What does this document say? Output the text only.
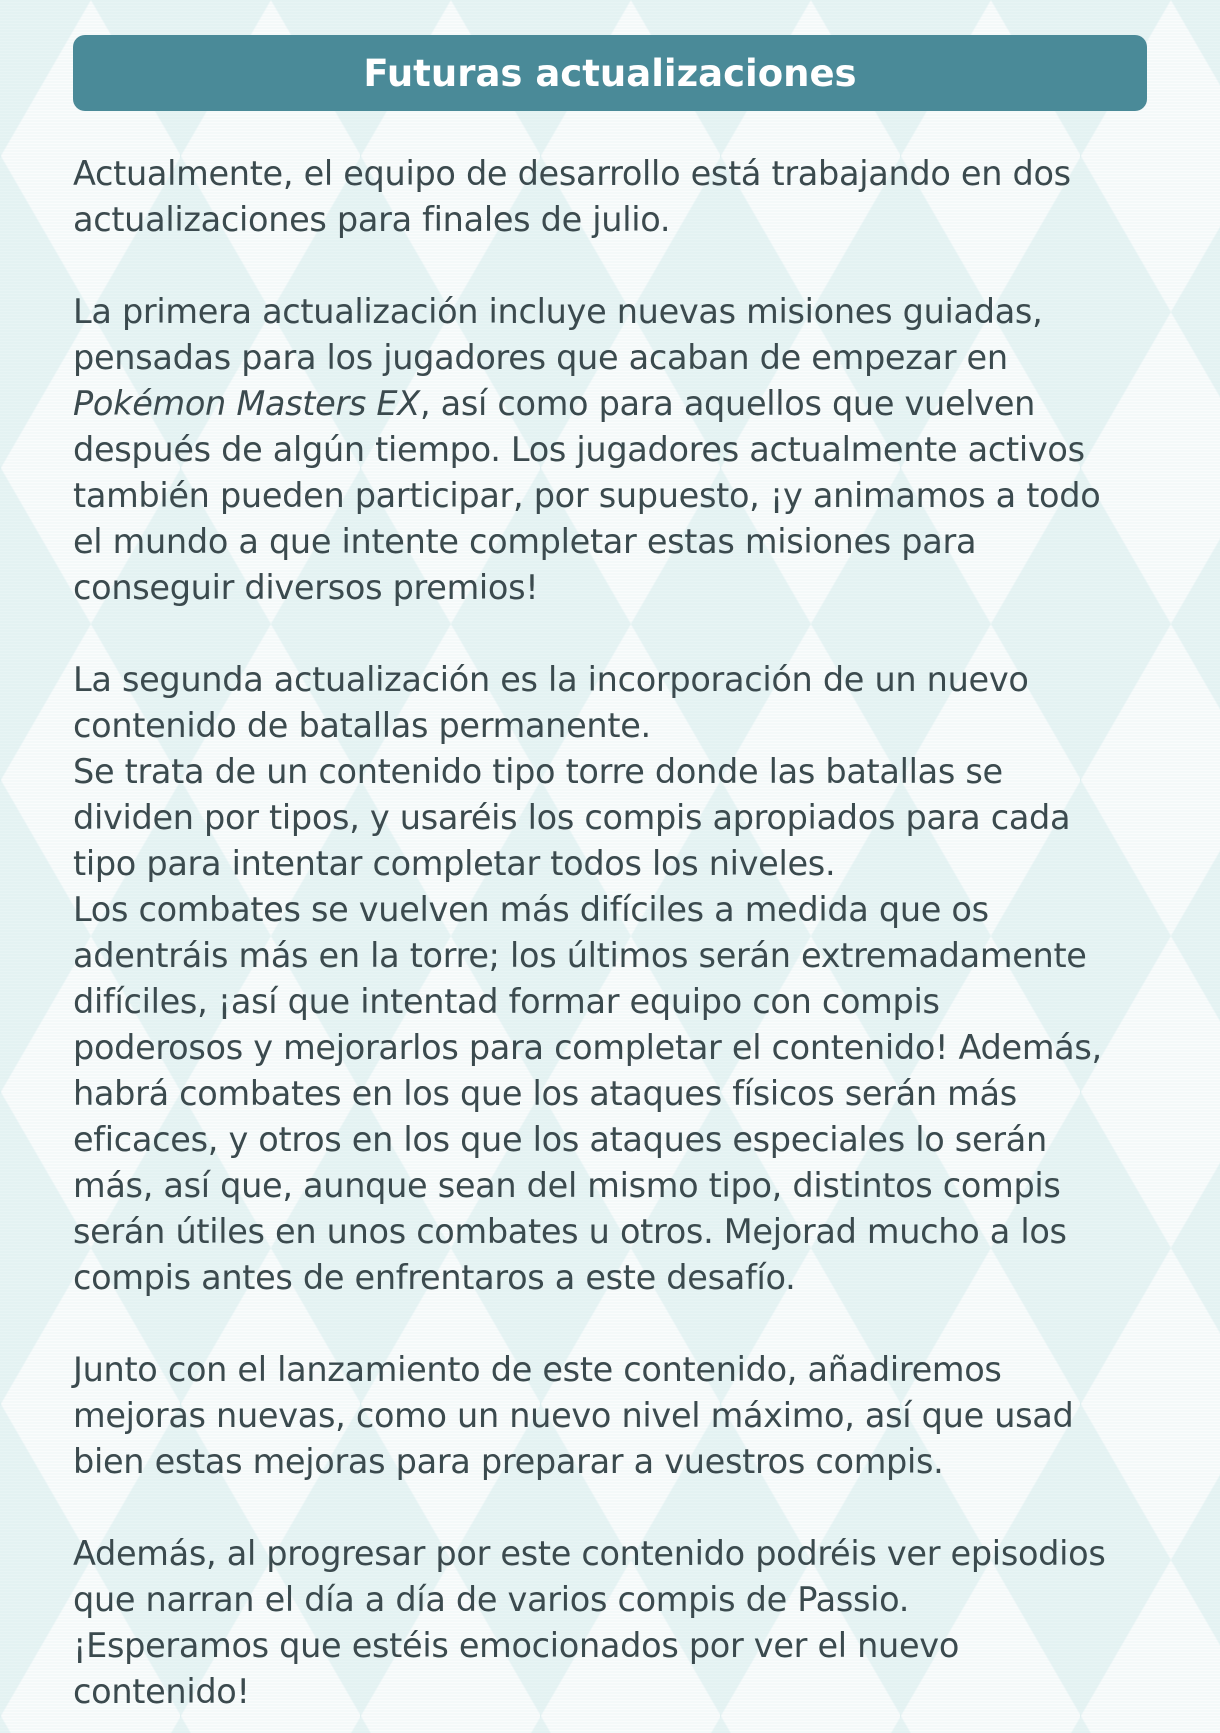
Futuras actualizaciones

Actualmente, el equipo de desarrollo está trabajando en dos
actualizaciones para finales de julio.

La primera actualización incluye nuevas misiones guiadas,
pensadas para los jugadores que acaban de empezar en
Pokémon Masters EX, así como para aquellos que vuelven
después de algún tiempo. Los jugadores actualmente activos
también pueden participar, por supuesto, ¡y animamos a todo
el mundo a que intente completar estas misiones para
conseguir diversos premios!

La segunda actualización es la incorporación de un nuevo
contenido de batallas permanente.
Se trata de un contenido tipo torre donde las batallas se
dividen por tipos, y usaréis los compis apropiados para cada
tipo para intentar completar todos los niveles.
Los combates se vuelven más difíciles a medida que os
adentráis más en la torre; los últimos serán extremadamente
difíciles, ¡así que intentad formar equipo con compis
poderosos y mejorarlos para completar el contenido! Además,
habrá combates en los que los ataques físicos serán más
eficaces, y otros en los que los ataques especiales lo serán
más, así que, aunque sean del mismo tipo, distintos compis
serán útiles en unos combates u otros. Mejorad mucho a los
compis antes de enfrentaros a este desafío.

Junto con el lanzamiento de este contenido, añadiremos
mejoras nuevas, como un nuevo nivel máximo, así que usad
bien estas mejoras para preparar a vuestros compis.

Además, al progresar por este contenido podréis ver episodios
que narran el día a día de varios compis de Passio.
¡Esperamos que estéis emocionados por ver el nuevo
contenido!
